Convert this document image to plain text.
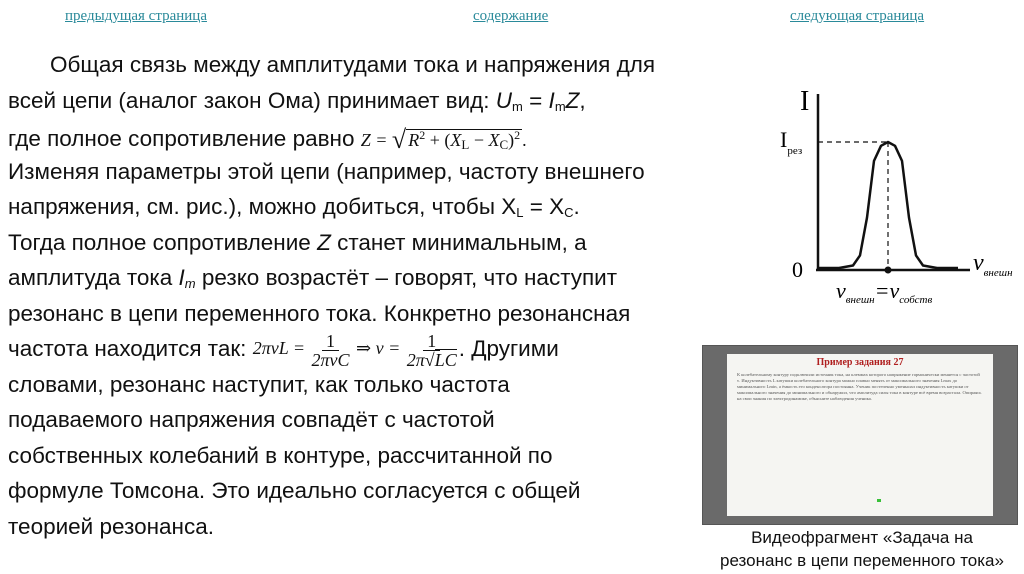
предыдущая страница	содержание	следующая страница
Общая связь между амплитудами тока и напряжения для
всей цепи (аналог закон Ома) принимает вид: $U_m = I_mZ$,
где полное сопротивление равно Z = √ $R^2 + (X_L - X_C)^2$ .
Изменяя параметры этой цепи (например, частоту внешнего
напряжения, см. рис.), можно добиться, чтобы $X_L = X_C$.
Тогда полное сопротивление Z станет минимальным, а
амплитуда тока $I_m$ резко возрастёт – говорят, что наступит
резонанс в цепи переменного тока. Конкретно резонансная
частота находится так: $2\pi\nu L = \frac{1}{\text{2πνC}}$ ⇒ $\nu = \frac{1}{2\pi√LC}$ . Другими
словами, резонанс наступит, как только частота
подаваемого напряжения совпадёт с частотой
собственных колебаний в контуре, рассчитанной по
формуле Томсона. Это идеально согласуется с общей
теорией резонанса.
I
$I_{рез}$
0	$\nu_{внешн}$
$\nu_{внешн}=\nu_{собств}$
Пример задания 27
К колебательному контуру подключили источник тока, на клеммах которого напряжение гармонически меняется с частотой ν. Индуктивность L катушки колебательного контура можно плавно менять от максимального значения Lmax до минимального Lmin, а ёмкость его конденсатора постоянна. Ученик постепенно уменьшал индуктивность катушки от максимального значения до минимального и обнаружил, что амплитуда силы тока в контуре всё время возрастала. Опираясь на свои знания по электродинамике, объясните наблюдения ученика.
Видеофрагмент «Задача на
резонанс в цепи переменного тока»
